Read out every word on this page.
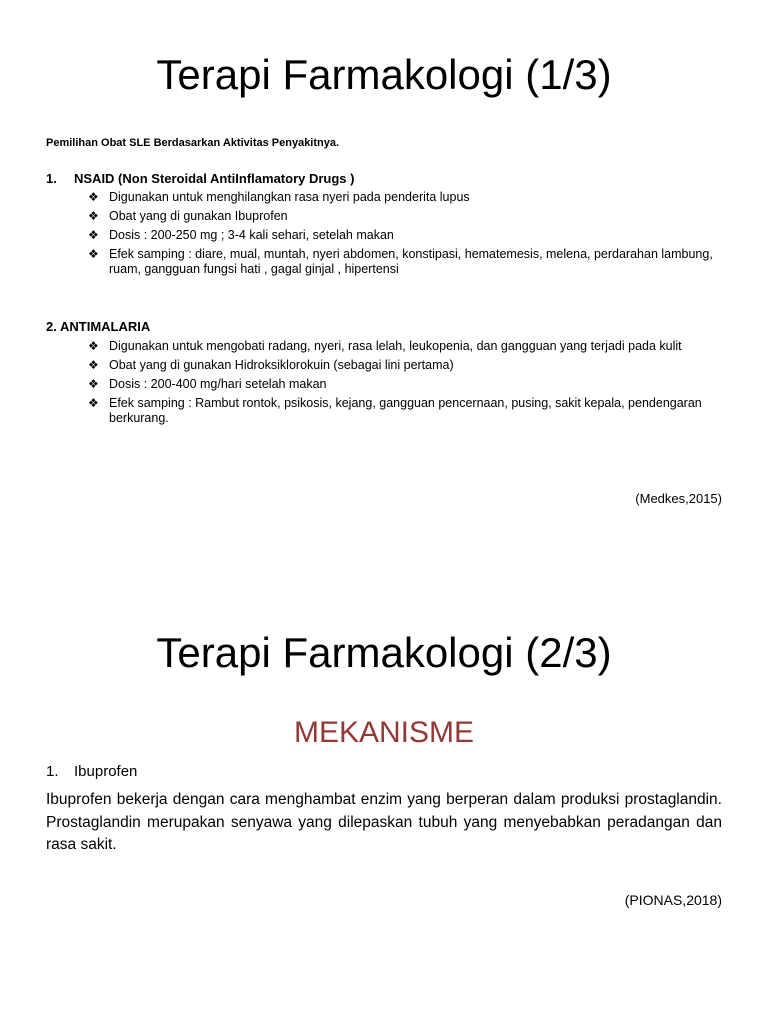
Terapi Farmakologi (1/3)
Pemilihan Obat SLE Berdasarkan Aktivitas Penyakitnya.
1. NSAID (Non Steroidal AntiInflamatory Drugs )
❖ Digunakan untuk menghilangkan rasa nyeri pada penderita lupus
❖ Obat yang di gunakan Ibuprofen
❖ Dosis : 200-250 mg ; 3-4 kali sehari, setelah makan
❖ Efek samping : diare, mual, muntah, nyeri abdomen, konstipasi, hematemesis, melena, perdarahan lambung, ruam, gangguan fungsi hati , gagal ginjal , hipertensi
2. ANTIMALARIA
❖ Digunakan untuk mengobati radang, nyeri, rasa lelah, leukopenia, dan gangguan yang terjadi pada kulit
❖ Obat yang di gunakan Hidroksiklorokuin (sebagai lini pertama)
❖ Dosis : 200-400 mg/hari setelah makan
❖ Efek samping : Rambut rontok, psikosis, kejang, gangguan pencernaan, pusing, sakit kepala, pendengaran berkurang.
(Medkes,2015)
Terapi Farmakologi (2/3)
MEKANISME
1. Ibuprofen

Ibuprofen bekerja dengan cara menghambat enzim yang berperan dalam produksi prostaglandin. Prostaglandin merupakan senyawa yang dilepaskan tubuh yang menyebabkan peradangan dan rasa sakit.

(PIONAS,2018)
